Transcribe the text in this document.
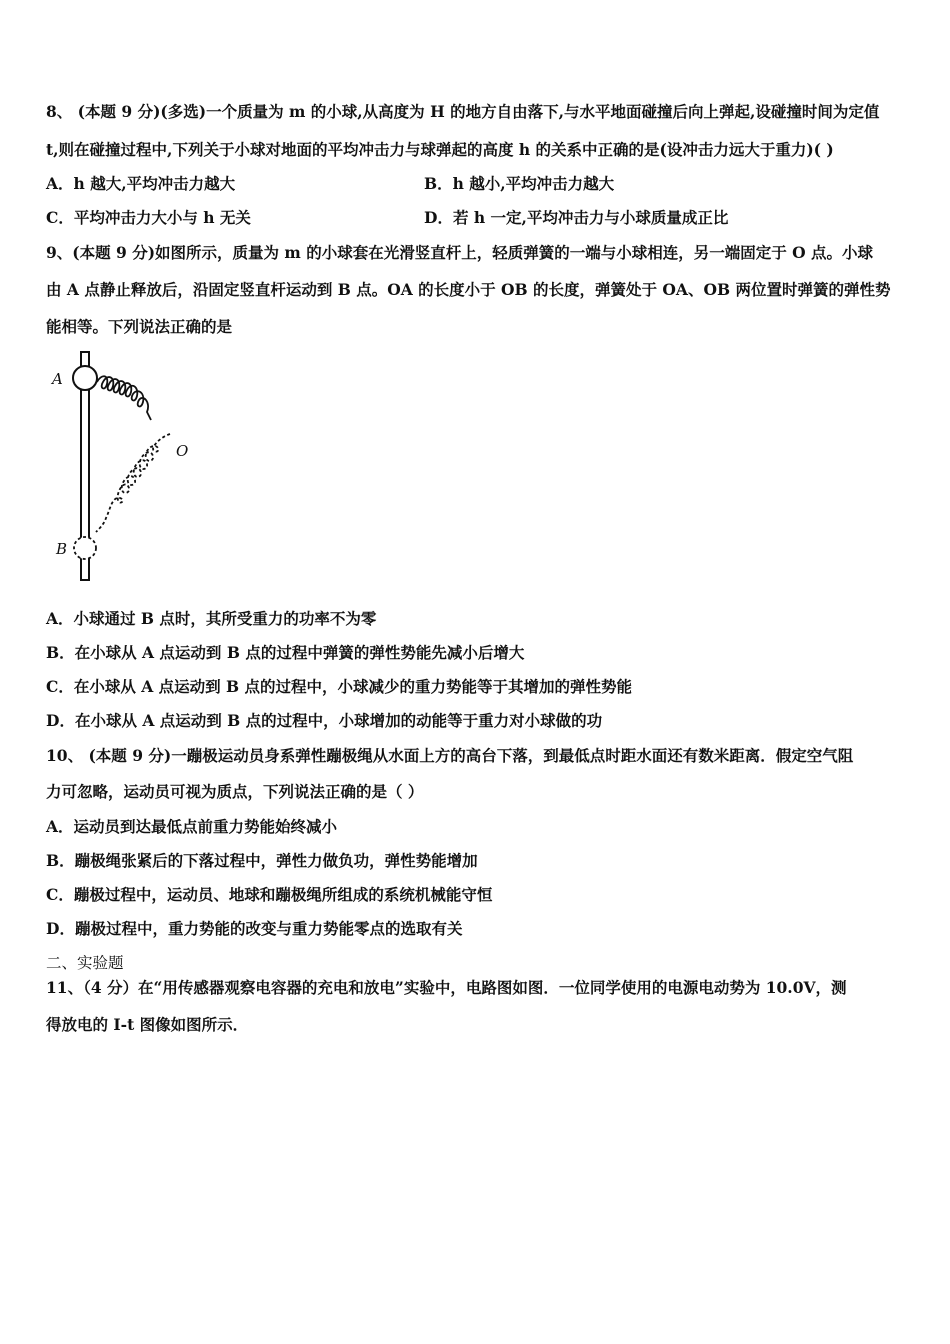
8、 (本题 9 分)(多选)一个质量为 m 的小球,从高度为 H 的地方自由落下,与水平地面碰撞后向上弹起,设碰撞时间为定值
t,则在碰撞过程中,下列关于小球对地面的平均冲击力与球弹起的高度 h 的关系中正确的是(设冲击力远大于重力)( )
A．h 越大,平均冲击力越大	B．h 越小,平均冲击力越大
C．平均冲击力大小与 h 无关	D．若 h 一定,平均冲击力与小球质量成正比
9、(本题 9 分)如图所示，质量为 m 的小球套在光滑竖直杆上，轻质弹簧的一端与小球相连，另一端固定于 O 点。小球
由 A 点静止释放后，沿固定竖直杆运动到 B 点。OA 的长度小于 OB 的长度，弹簧处于 OA、OB 两位置时弹簧的弹性势
能相等。下列说法正确的是
A
O
B
A．小球通过 B 点时，其所受重力的功率不为零
B．在小球从 A 点运动到 B 点的过程中弹簧的弹性势能先减小后增大
C．在小球从 A 点运动到 B 点的过程中，小球减少的重力势能等于其增加的弹性势能
D．在小球从 A 点运动到 B 点的过程中，小球增加的动能等于重力对小球做的功
10、 (本题 9 分)一蹦极运动员身系弹性蹦极绳从水面上方的高台下落，到最低点时距水面还有数米距离．假定空气阻
力可忽略，运动员可视为质点，下列说法正确的是（ ）
A．运动员到达最低点前重力势能始终减小
B．蹦极绳张紧后的下落过程中，弹性力做负功，弹性势能增加
C．蹦极过程中，运动员、地球和蹦极绳所组成的系统机械能守恒
D．蹦极过程中，重力势能的改变与重力势能零点的选取有关
二、实验题
11、（4 分）在“用传感器观察电容器的充电和放电”实验中，电路图如图．一位同学使用的电源电动势为 10.0V，测
得放电的 I-t 图像如图所示．
